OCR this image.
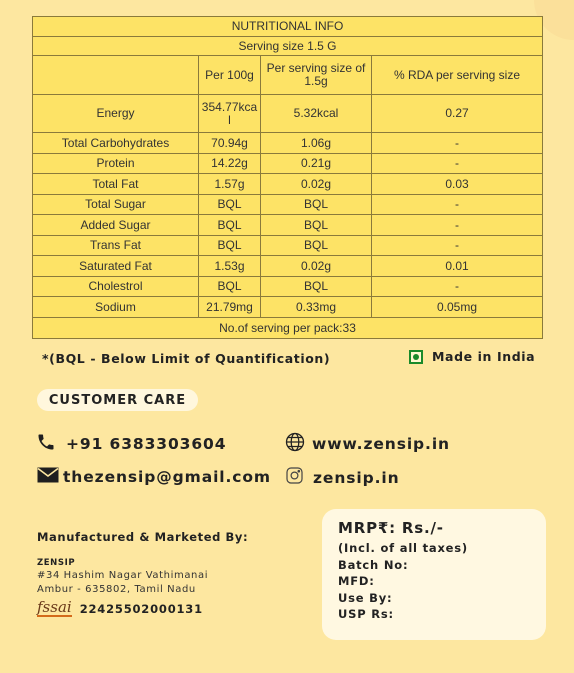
NUTRITIONAL INFO			
Serving size 1.5 G			
	Per 100g	Per serving size of 1.5g	% RDA per serving size
Energy	354.77kcal	5.32kcal	0.27
Total Carbohydrates	70.94g	1.06g	-
Protein	14.22g	0.21g	-
Total Fat	1.57g	0.02g	0.03
Total Sugar	BQL	BQL	-
Added Sugar	BQL	BQL	-
Trans Fat	BQL	BQL	-
Saturated Fat	1.53g	0.02g	0.01
Cholestrol	BQL	BQL	-
Sodium	21.79mg	0.33mg	0.05mg
No.of serving per pack:33			
*(BQL - Below Limit of Quantification)	Made in India
CUSTOMER CARE
+91 6383303604
thezensip@gmail.com
www.zensip.in
zensip.in
Manufactured & Marketed By:
ZENSIP
#34 Hashim Nagar Vathimanai
Ambur - 635802, Tamil Nadu
fssai 22425502000131
MRP₹: Rs./-
(Incl. of all taxes)
Batch No:
MFD:
Use By:
USP Rs:
